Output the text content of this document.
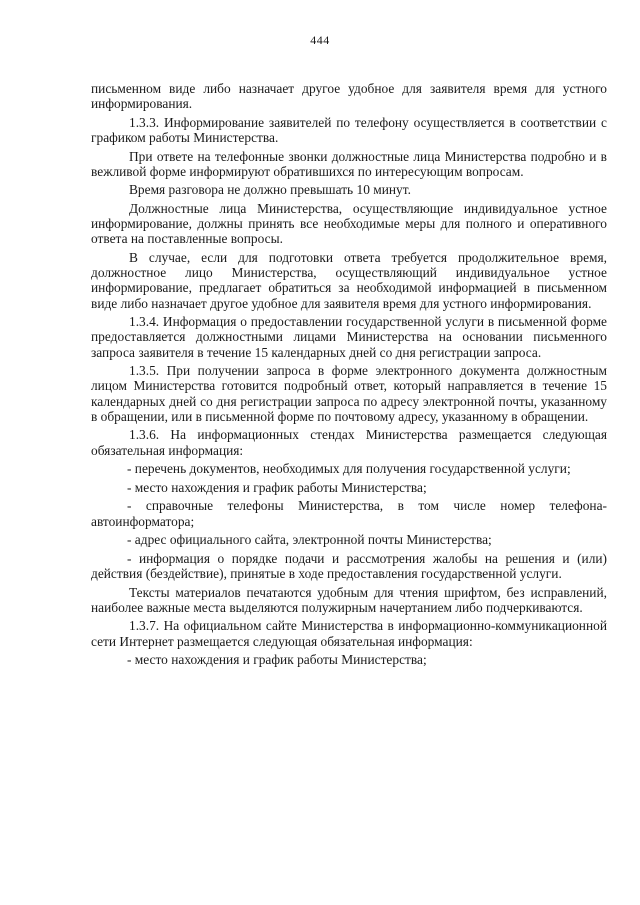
444

письменном виде либо назначает другое удобное для заявителя время для устного информирования.

1.3.3. Информирование заявителей по телефону осуществляется в соответствии с графиком работы Министерства.

При ответе на телефонные звонки должностные лица Министерства подробно и в вежливой форме информируют обратившихся по интересующим вопросам.

Время разговора не должно превышать 10 минут.

Должностные лица Министерства, осуществляющие индивидуальное устное информирование, должны принять все необходимые меры для полного и оперативного ответа на поставленные вопросы.

В случае, если для подготовки ответа требуется продолжительное время, должностное лицо Министерства, осуществляющий индивидуальное устное информирование, предлагает обратиться за необходимой информацией в письменном виде либо назначает другое удобное для заявителя время для устного информирования.

1.3.4. Информация о предоставлении государственной услуги в письменной форме предоставляется должностными лицами Министерства на основании письменного запроса заявителя в течение 15 календарных дней со дня регистрации запроса.

1.3.5. При получении запроса в форме электронного документа должностным лицом Министерства готовится подробный ответ, который направляется в течение 15 календарных дней со дня регистрации запроса по адресу электронной почты, указанному в обращении, или в письменной форме по почтовому адресу, указанному в обращении.

1.3.6. На информационных стендах Министерства размещается следующая обязательная информация:

- перечень документов, необходимых для получения государственной услуги;

- место нахождения и график работы Министерства;

- справочные телефоны Министерства, в том числе номер телефона-автоинформатора;

- адрес официального сайта, электронной почты Министерства;

- информация о порядке подачи и рассмотрения жалобы на решения и (или) действия (бездействие), принятые в ходе предоставления государственной услуги.

Тексты материалов печатаются удобным для чтения шрифтом, без исправлений, наиболее важные места выделяются полужирным начертанием либо подчеркиваются.

1.3.7. На официальном сайте Министерства в информационно-коммуникационной сети Интернет размещается следующая обязательная информация:

- место нахождения и график работы Министерства;
